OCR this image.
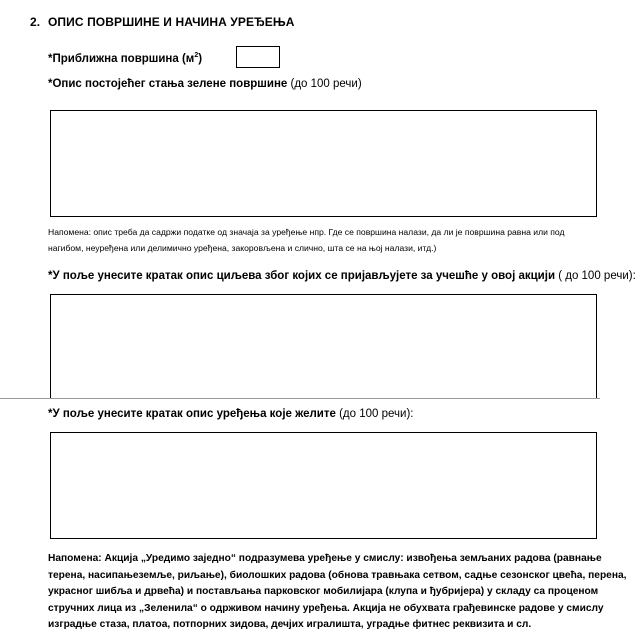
2. ОПИС ПОВРШИНЕ И НАЧИНА УРЕЂЕЊА
*Приближна површина $(м^2)$
*Опис постојећег стања зелене површине (до 100 речи)
Напомена: опис треба да садржи податке од значаја за уређење нпр. Где се површина налази, да ли је површина равна или под
нагибом, неуређена или делимично уређена, закоровљена и слично, шта се на њој налази, итд.)
*У поље унесите кратак опис циљева због којих се пријављујете за учешће у овој акцији ( до 100 речи):
*У поље унесите кратак опис уређења које желите (до 100 речи):
Напомена: Акција „Уредимо заједно“ подразумева уређење у смислу: извођења земљаних радова (равнање
терена, насипањеземље, риљање), биолошких радова (обнова травњака сетвом, садње сезонског цвећа, перена,
украсног шибља и дрвећа) и постављања парковског мобилијара (клупа и ђубријера) у складу са проценом
стручних лица из „Зеленила“ о одрживом начину уређења. Акција не обухвата грађевинске радове у смислу
изградње стаза, платоа, потпорних зидова, дечјих игралишта, уградње фитнес реквизита и сл.
